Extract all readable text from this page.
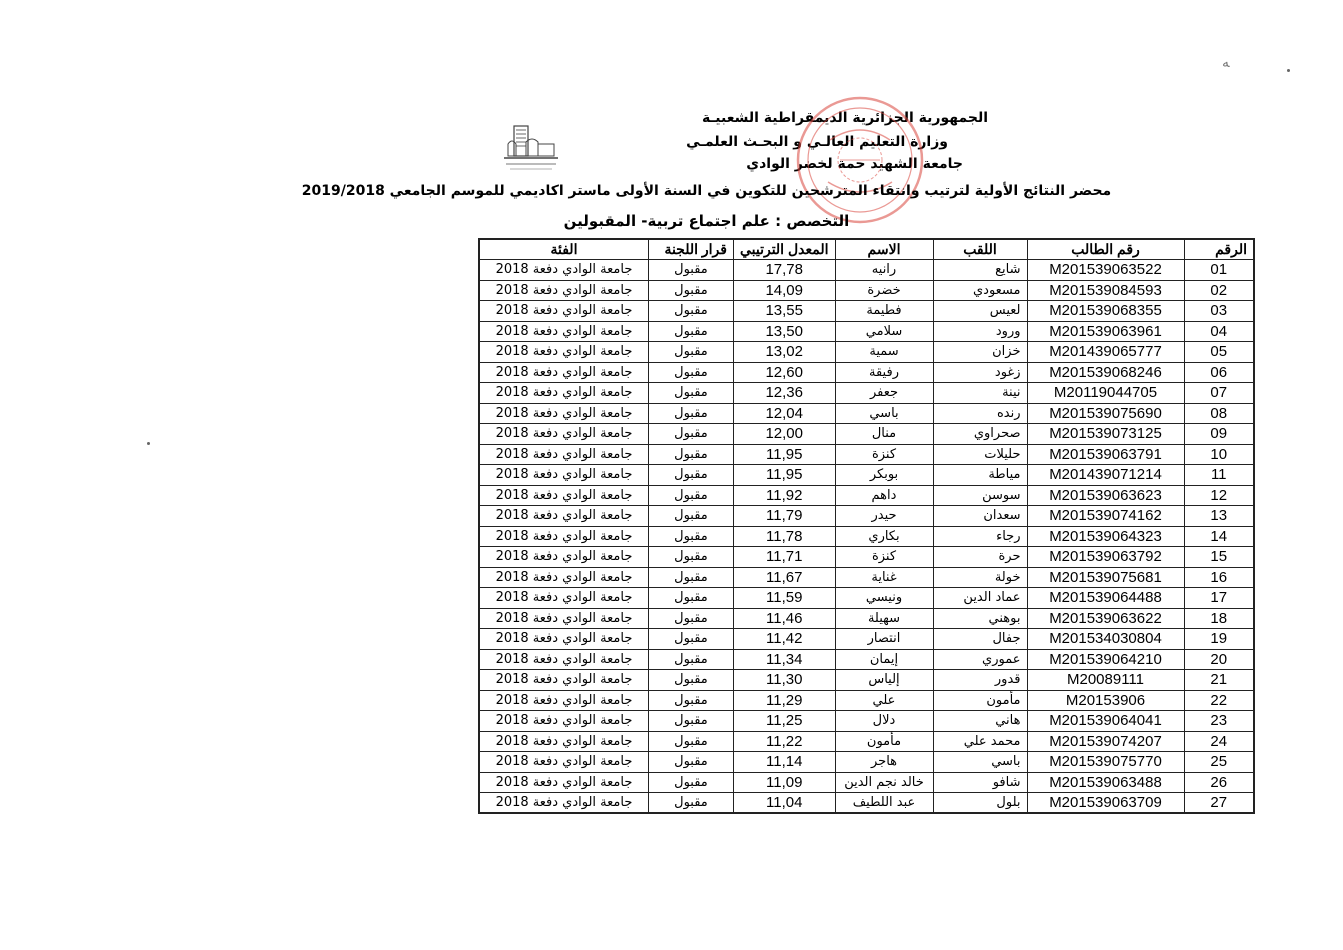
ﻪ
الجمهورية الجزائرية الديمقراطية الشعبيـة
وزارة التعليم العالـي و البحـث العلمـي
جامعة الشهيد حمة لخضر الوادي
محضر النتائج الأولية لترتيب وانتقاء المترشحين للتكوين في السنة الأولى ماستر اكاديمي للموسم الجامعي 2019/2018
التخصص : علم اجتماع تربية- المقبولين
الرقم	رقم الطالب	اللقب	الاسم	المعدل الترتيبي	قرار اللجنة	الفئة
01	M201539063522	شايع	رانيه	17,78	مقبول	جامعة الوادي دفعة 2018
02	M201539084593	مسعودي	خضرة	14,09	مقبول	جامعة الوادي دفعة 2018
03	M201539068355	لعيس	فطيمة	13,55	مقبول	جامعة الوادي دفعة 2018
04	M201539063961	ورود	سلامي	13,50	مقبول	جامعة الوادي دفعة 2018
05	M201439065777	خزان	سمية	13,02	مقبول	جامعة الوادي دفعة 2018
06	M201539068246	زغود	رفيقة	12,60	مقبول	جامعة الوادي دفعة 2018
07	M20119044705	نينة	جعفر	12,36	مقبول	جامعة الوادي دفعة 2018
08	M201539075690	رنده	باسي	12,04	مقبول	جامعة الوادي دفعة 2018
09	M201539073125	صحراوي	منال	12,00	مقبول	جامعة الوادي دفعة 2018
10	M201539063791	حليلات	كنزة	11,95	مقبول	جامعة الوادي دفعة 2018
11	M201439071214	مياطة	بوبكر	11,95	مقبول	جامعة الوادي دفعة 2018
12	M201539063623	سوسن	داهم	11,92	مقبول	جامعة الوادي دفعة 2018
13	M201539074162	سعدان	حيدر	11,79	مقبول	جامعة الوادي دفعة 2018
14	M201539064323	رجاء	بكاري	11,78	مقبول	جامعة الوادي دفعة 2018
15	M201539063792	حرة	كنزة	11,71	مقبول	جامعة الوادي دفعة 2018
16	M201539075681	خولة	غناية	11,67	مقبول	جامعة الوادي دفعة 2018
17	M201539064488	عماد الدين	ونيسي	11,59	مقبول	جامعة الوادي دفعة 2018
18	M201539063622	بوهني	سهيلة	11,46	مقبول	جامعة الوادي دفعة 2018
19	M201534030804	جفال	انتصار	11,42	مقبول	جامعة الوادي دفعة 2018
20	M201539064210	عموري	إيمان	11,34	مقبول	جامعة الوادي دفعة 2018
21	M20089111	قدور	إلياس	11,30	مقبول	جامعة الوادي دفعة 2018
22	M20153906	مأمون	علي	11,29	مقبول	جامعة الوادي دفعة 2018
23	M201539064041	هاني	دلال	11,25	مقبول	جامعة الوادي دفعة 2018
24	M201539074207	محمد علي	مأمون	11,22	مقبول	جامعة الوادي دفعة 2018
25	M201539075770	باسي	هاجر	11,14	مقبول	جامعة الوادي دفعة 2018
26	M201539063488	شافو	خالد نجم الدين	11,09	مقبول	جامعة الوادي دفعة 2018
27	M201539063709	بلول	عبد اللطيف	11,04	مقبول	جامعة الوادي دفعة 2018
